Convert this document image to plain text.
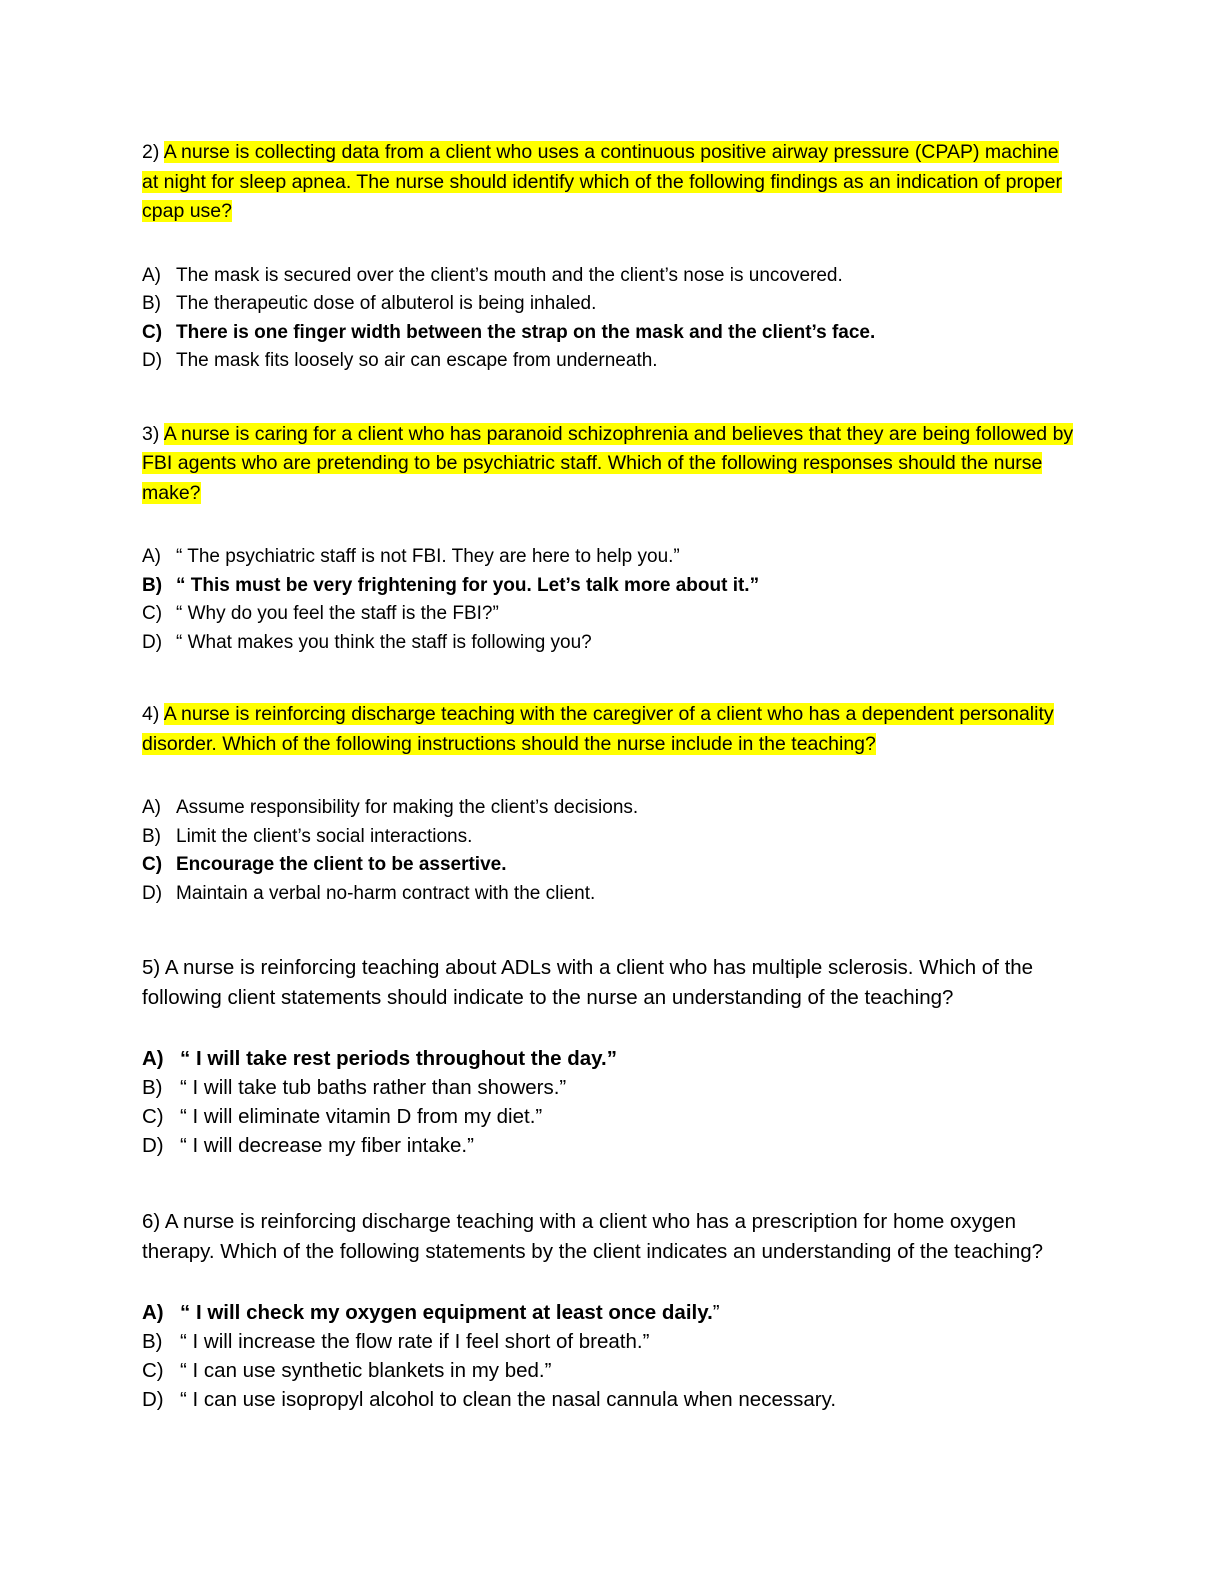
2) A nurse is collecting data from a client who uses a continuous positive airway pressure (CPAP) machine at night for sleep apnea. The nurse should identify which of the following findings as an indication of proper cpap use?

A) The mask is secured over the client’s mouth and the client’s nose is uncovered.
B) The therapeutic dose of albuterol is being inhaled.
C) There is one finger width between the strap on the mask and the client’s face.
D) The mask fits loosely so air can escape from underneath.

3) A nurse is caring for a client who has paranoid schizophrenia and believes that they are being followed by FBI agents who are pretending to be psychiatric staff. Which of the following responses should the nurse make?

A) “ The psychiatric staff is not FBI. They are here to help you.”
B) “ This must be very frightening for you. Let’s talk more about it.”
C) “ Why do you feel the staff is the FBI?”
D) “ What makes you think the staff is following you?

4) A nurse is reinforcing discharge teaching with the caregiver of a client who has a dependent personality disorder. Which of the following instructions should the nurse include in the teaching?

A) Assume responsibility for making the client’s decisions.
B) Limit the client’s social interactions.
C) Encourage the client to be assertive.
D) Maintain a verbal no-harm contract with the client.

5) A nurse is reinforcing teaching about ADLs with a client who has multiple sclerosis. Which of the following client statements should indicate to the nurse an understanding of the teaching?

A) “ I will take rest periods throughout the day.”
B) “ I will take tub baths rather than showers.”
C) “ I will eliminate vitamin D from my diet.”
D) “ I will decrease my fiber intake.”

6) A nurse is reinforcing discharge teaching with a client who has a prescription for home oxygen therapy. Which of the following statements by the client indicates an understanding of the teaching?

A) “ I will check my oxygen equipment at least once daily.”
B) “ I will increase the flow rate if I feel short of breath.”
C) “ I can use synthetic blankets in my bed.”
D) “ I can use isopropyl alcohol to clean the nasal cannula when necessary.
